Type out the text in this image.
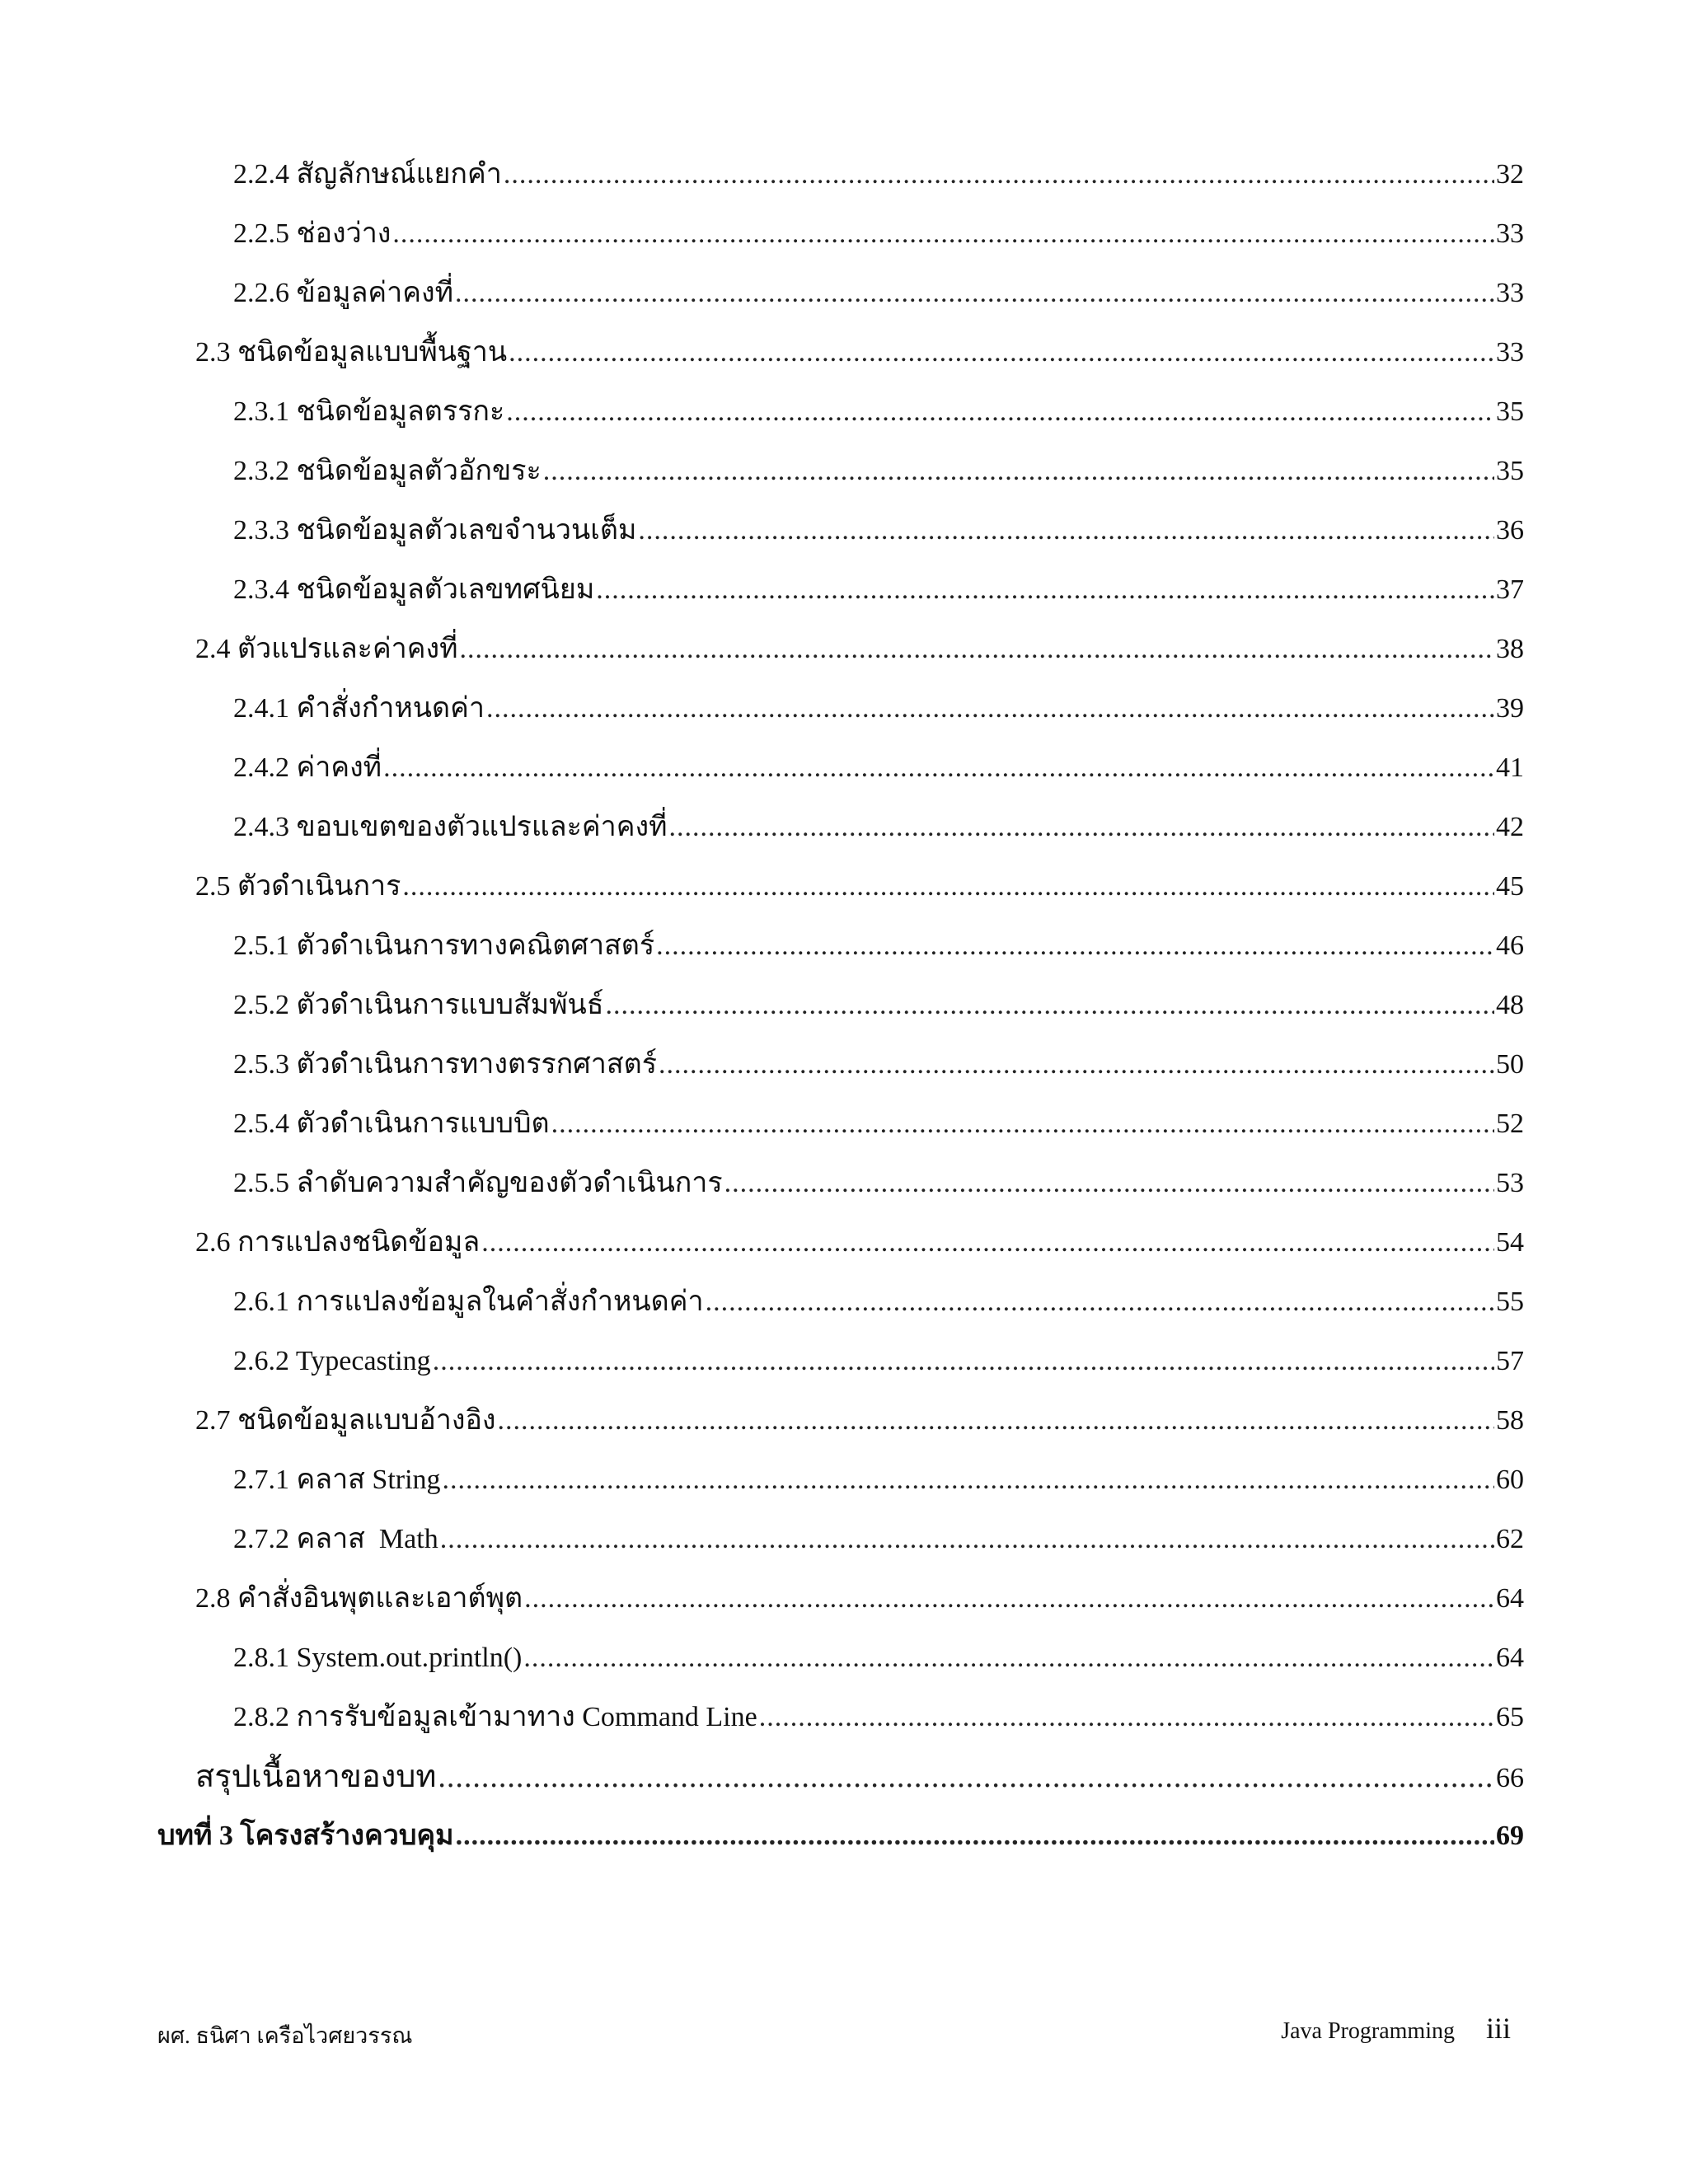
2.2.4 สัญลักษณ์แยกคำ .....	32
2.2.5 ช่องว่าง .....	33
2.2.6 ข้อมูลค่าคงที่ .....	33
2.3 ชนิดข้อมูลแบบพื้นฐาน .....	33
2.3.1 ชนิดข้อมูลตรรกะ .....	35
2.3.2 ชนิดข้อมูลตัวอักขระ .....	35
2.3.3 ชนิดข้อมูลตัวเลขจำนวนเต็ม .....	36
2.3.4 ชนิดข้อมูลตัวเลขทศนิยม .....	37
2.4 ตัวแปรและค่าคงที่ .....	38
2.4.1 คำสั่งกำหนดค่า .....	39
2.4.2 ค่าคงที่ .....	41
2.4.3 ขอบเขตของตัวแปรและค่าคงที่ .....	42
2.5 ตัวดำเนินการ .....	45
2.5.1 ตัวดำเนินการทางคณิตศาสตร์ .....	46
2.5.2 ตัวดำเนินการแบบสัมพันธ์ .....	48
2.5.3 ตัวดำเนินการทางตรรกศาสตร์ .....	50
2.5.4 ตัวดำเนินการแบบบิต .....	52
2.5.5 ลำดับความสำคัญของตัวดำเนินการ .....	53
2.6 การแปลงชนิดข้อมูล .....	54
2.6.1 การแปลงข้อมูลในคำสั่งกำหนดค่า .....	55
2.6.2 Typecasting .....	57
2.7 ชนิดข้อมูลแบบอ้างอิง .....	58
2.7.1 คลาส String .....	60
2.7.2 คลาส  Math .....	62
2.8 คำสั่งอินพุตและเอาต์พุต .....	64
2.8.1 System.out.println() .....	64
2.8.2 การรับข้อมูลเข้ามาทาง Command Line .....	65
สรุปเนื้อหาของบท .....	66
บทที่ 3 โครงสร้างควบคุม .....	69
ผศ. ธนิศา เครือไวศยวรรณ	Java Programming iii
